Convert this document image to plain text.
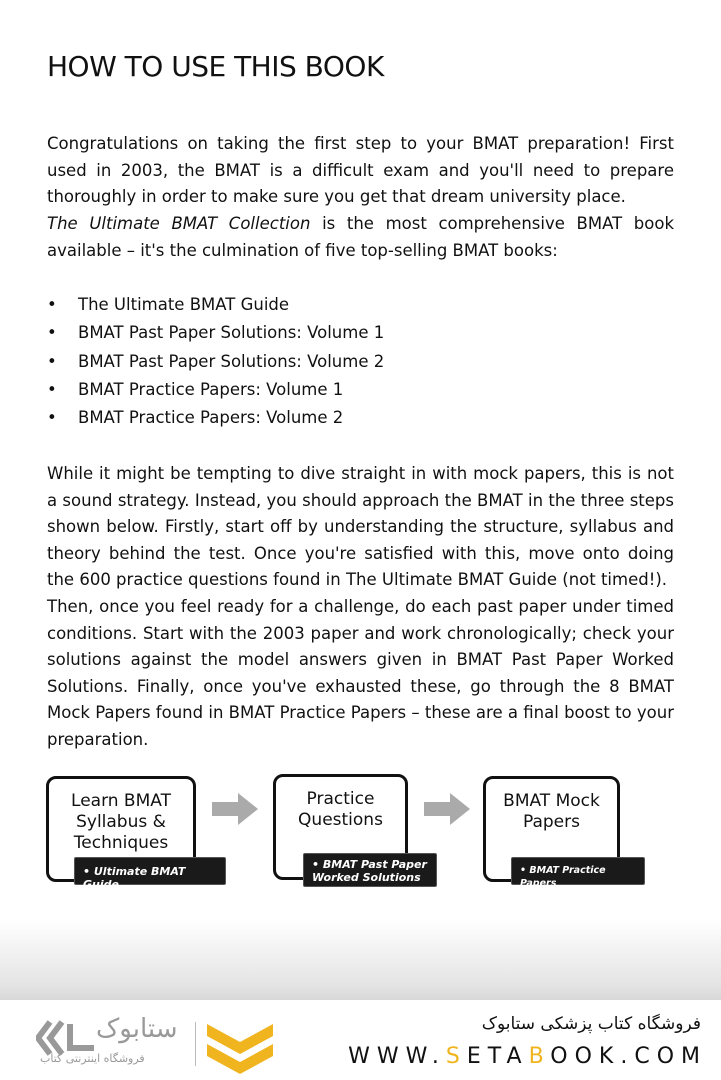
HOW TO USE THIS BOOK

Congratulations on taking the first step to your BMAT preparation! First used in 2003, the BMAT is a difficult exam and you'll need to prepare thoroughly in order to make sure you get that dream university place.

The Ultimate BMAT Collection is the most comprehensive BMAT book available – it's the culmination of five top-selling BMAT books:

• The Ultimate BMAT Guide
• BMAT Past Paper Solutions: Volume 1
• BMAT Past Paper Solutions: Volume 2
• BMAT Practice Papers: Volume 1
• BMAT Practice Papers: Volume 2

While it might be tempting to dive straight in with mock papers, this is not a sound strategy. Instead, you should approach the BMAT in the three steps shown below. Firstly, start off by understanding the structure, syllabus and theory behind the test. Once you're satisfied with this, move onto doing the 600 practice questions found in The Ultimate BMAT Guide (not timed!).

Then, once you feel ready for a challenge, do each past paper under timed conditions. Start with the 2003 paper and work chronologically; check your solutions against the model answers given in BMAT Past Paper Worked Solutions. Finally, once you've exhausted these, go through the 8 BMAT Mock Papers found in BMAT Practice Papers – these are a final boost to your preparation.

Learn BMAT Syllabus & Techniques
• Ultimate BMAT Guide
Practice Questions
• BMAT Past Paper Worked Solutions
BMAT Mock Papers
• BMAT Practice Papers
ستابوک
فروشگاه اینترنتی کتاب
فروشگاه کتاب پزشکی ستابوک
WWW.SETABOOK.COM
